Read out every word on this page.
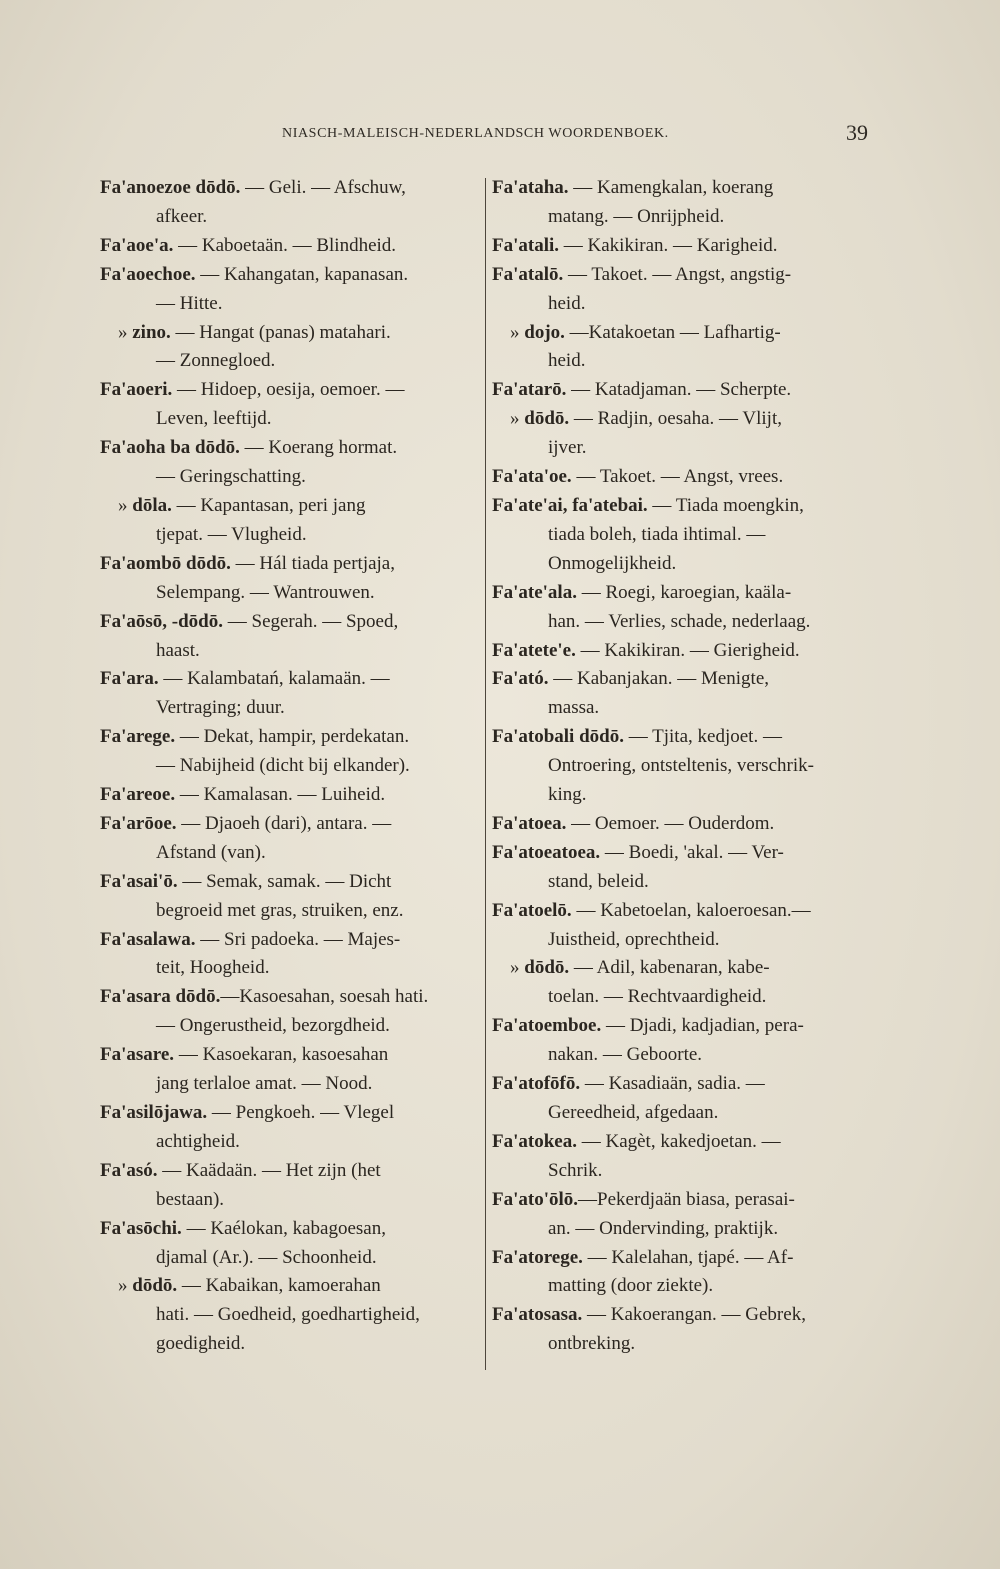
NIASCH-MALEISCH-NEDERLANDSCH WOORDENBOEK.	39
Fa'anoezoe dōdō. — Geli. — Afschuw,
afkeer.
Fa'aoe'a. — Kaboetaän. — Blindheid.
Fa'aoechoe. — Kahangatan, kapanasan.
— Hitte.
» zino. — Hangat (panas) matahari.
— Zonnegloed.
Fa'aoeri. — Hidoep, oesija, oemoer. —
Leven, leeftijd.
Fa'aoha ba dōdō. — Koerang hormat.
— Geringschatting.
» dōla. — Kapantasan, peri jang
tjepat. — Vlugheid.
Fa'aombō dōdō. — Hál tiada pertjaja,
Selempang. — Wantrouwen.
Fa'aōsō, -dōdō. — Segerah. — Spoed,
haast.
Fa'ara. — Kalambatań, kalamaän. —
Vertraging; duur.
Fa'arege. — Dekat, hampir, perdekatan.
— Nabijheid (dicht bij elkander).
Fa'areoe. — Kamalasan. — Luiheid.
Fa'arōoe. — Djaoeh (dari), antara. —
Afstand (van).
Fa'asai'ō. — Semak, samak. — Dicht
begroeid met gras, struiken, enz.
Fa'asalawa. — Sri padoeka. — Majes-
teit, Hoogheid.
Fa'asara dōdō.—Kasoesahan, soesah hati.
— Ongerustheid, bezorgdheid.
Fa'asare. — Kasoekaran, kasoesahan
jang terlaloe amat. — Nood.
Fa'asilōjawa. — Pengkoeh. — Vlegel
achtigheid.
Fa'asó. — Kaädaän. — Het zijn (het
bestaan).
Fa'asōchi. — Kaélokan, kabagoesan,
djamal (Ar.). — Schoonheid.
» dōdō. — Kabaikan, kamoerahan
hati. — Goedheid, goedhartigheid,
goedigheid.
Fa'ataha. — Kamengkalan, koerang
matang. — Onrijpheid.
Fa'atali. — Kakikiran. — Karigheid.
Fa'atalō. — Takoet. — Angst, angstig-
heid.
» dojo. —Katakoetan — Lafhartig-
heid.
Fa'atarō. — Katadjaman. — Scherpte.
» dōdō. — Radjin, oesaha. — Vlijt,
ijver.
Fa'ata'oe. — Takoet. — Angst, vrees.
Fa'ate'ai, fa'atebai. — Tiada moengkin,
tiada boleh, tiada ihtimal. —
Onmogelijkheid.
Fa'ate'ala. — Roegi, karoegian, kaäla-
han. — Verlies, schade, nederlaag.
Fa'atete'e. — Kakikiran. — Gierigheid.
Fa'ató. — Kabanjakan. — Menigte,
massa.
Fa'atobali dōdō. — Tjita, kedjoet. —
Ontroering, ontsteltenis, verschrik-
king.
Fa'atoea. — Oemoer. — Ouderdom.
Fa'atoeatoea. — Boedi, 'akal. — Ver-
stand, beleid.
Fa'atoelō. — Kabetoelan, kaloeroesan.—
Juistheid, oprechtheid.
» dōdō. — Adil, kabenaran, kabe-
toelan. — Rechtvaardigheid.
Fa'atoemboe. — Djadi, kadjadian, pera-
nakan. — Geboorte.
Fa'atofōfō. — Kasadiaän, sadia. —
Gereedheid, afgedaan.
Fa'atokea. — Kagèt, kakedjoetan. —
Schrik.
Fa'ato'ōlō.—Pekerdjaän biasa, perasai-
an. — Ondervinding, praktijk.
Fa'atorege. — Kalelahan, tjapé. — Af-
matting (door ziekte).
Fa'atosasa. — Kakoerangan. — Gebrek,
ontbreking.
